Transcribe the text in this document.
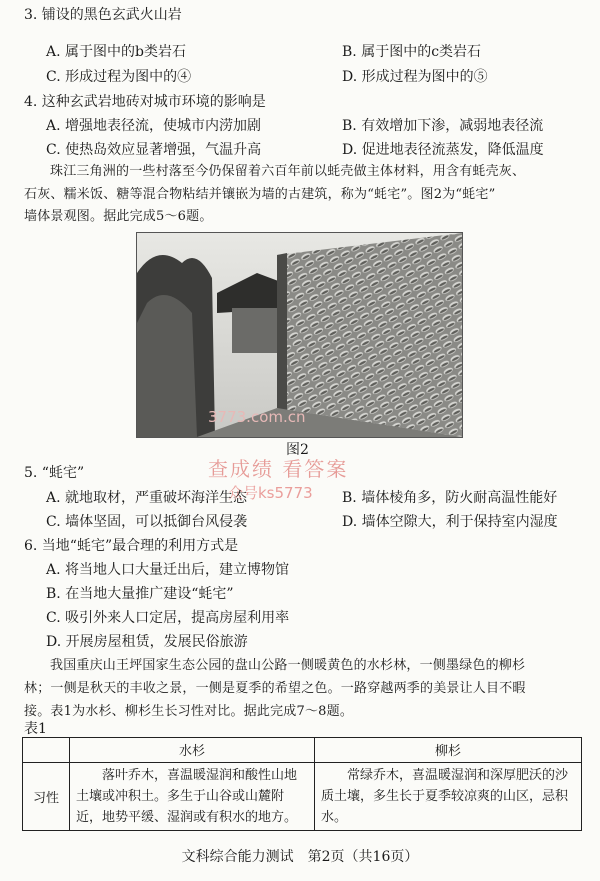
3. 铺设的黑色玄武火山岩
A. 属于图中的b类岩石	B. 属于图中的c类岩石
C. 形成过程为图中的④	D. 形成过程为图中的⑤
4. 这种玄武岩地砖对城市环境的影响是
A. 增强地表径流，使城市内涝加剧	B. 有效增加下渗，减弱地表径流
C. 使热岛效应显著增强，气温升高	D. 促进地表径流蒸发，降低温度
珠江三角洲的一些村落至今仍保留着六百年前以蚝壳做主体材料，用含有蚝壳灰、
石灰、糯米饭、糖等混合物粘结并镶嵌为墙的古建筑，称为“蚝宅”。图2为“蚝宅”
墙体景观图。据此完成5～6题。
3773.com.cn
图2
查成绩 看答案
众号ks5773
5. “蚝宅”
A. 就地取材，严重破坏海洋生态	B. 墙体棱角多，防火耐高温性能好
C. 墙体坚固，可以抵御台风侵袭	D. 墙体空隙大，利于保持室内湿度
6. 当地“蚝宅”最合理的利用方式是
A. 将当地人口大量迁出后，建立博物馆
B. 在当地大量推广建设“蚝宅”
C. 吸引外来人口定居，提高房屋利用率
D. 开展房屋租赁，发展民俗旅游
我国重庆山王坪国家生态公园的盘山公路一侧暖黄色的水杉林，一侧墨绿色的柳杉
林；一侧是秋天的丰收之景，一侧是夏季的希望之色。一路穿越两季的美景让人目不暇
接。表1为水杉、柳杉生长习性对比。据此完成7～8题。
表1
	水杉	柳杉
习性	落叶乔木，喜温暖湿润和酸性山地土壤或冲积土。多生于山谷或山麓附近，地势平缓、湿润或有积水的地方。	常绿乔木，喜温暖湿润和深厚肥沃的沙质土壤，多生长于夏季较凉爽的山区，忌积水。
文科综合能力测试　第2页（共16页）
